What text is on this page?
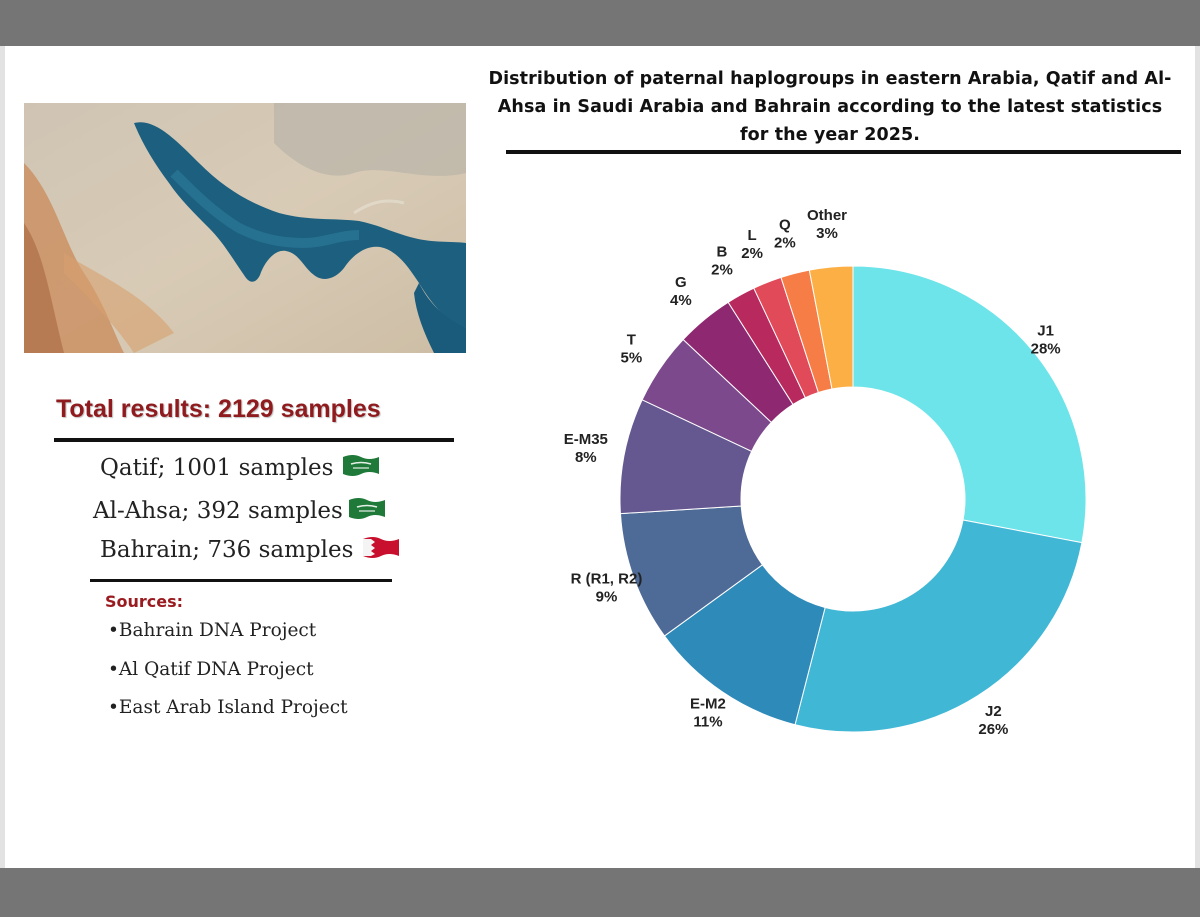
Distribution of paternal haplogroups in eastern Arabia, Qatif and Al-Ahsa in Saudi Arabia and Bahrain according to the latest statistics for the year 2025.
Total results: 2129 samples
Qatif; 1001 samples
Al-Ahsa; 392 samples
Bahrain; 736 samples
Sources:
•Bahrain DNA Project
•Al Qatif DNA Project
•East Arab Island Project
J1 28%
J2 26%
E-M2 11%
R (R1, R2) 9%
E-M35 8%
T 5%
G 4%
B 2%
L 2%
Q 2%
Other 3%
